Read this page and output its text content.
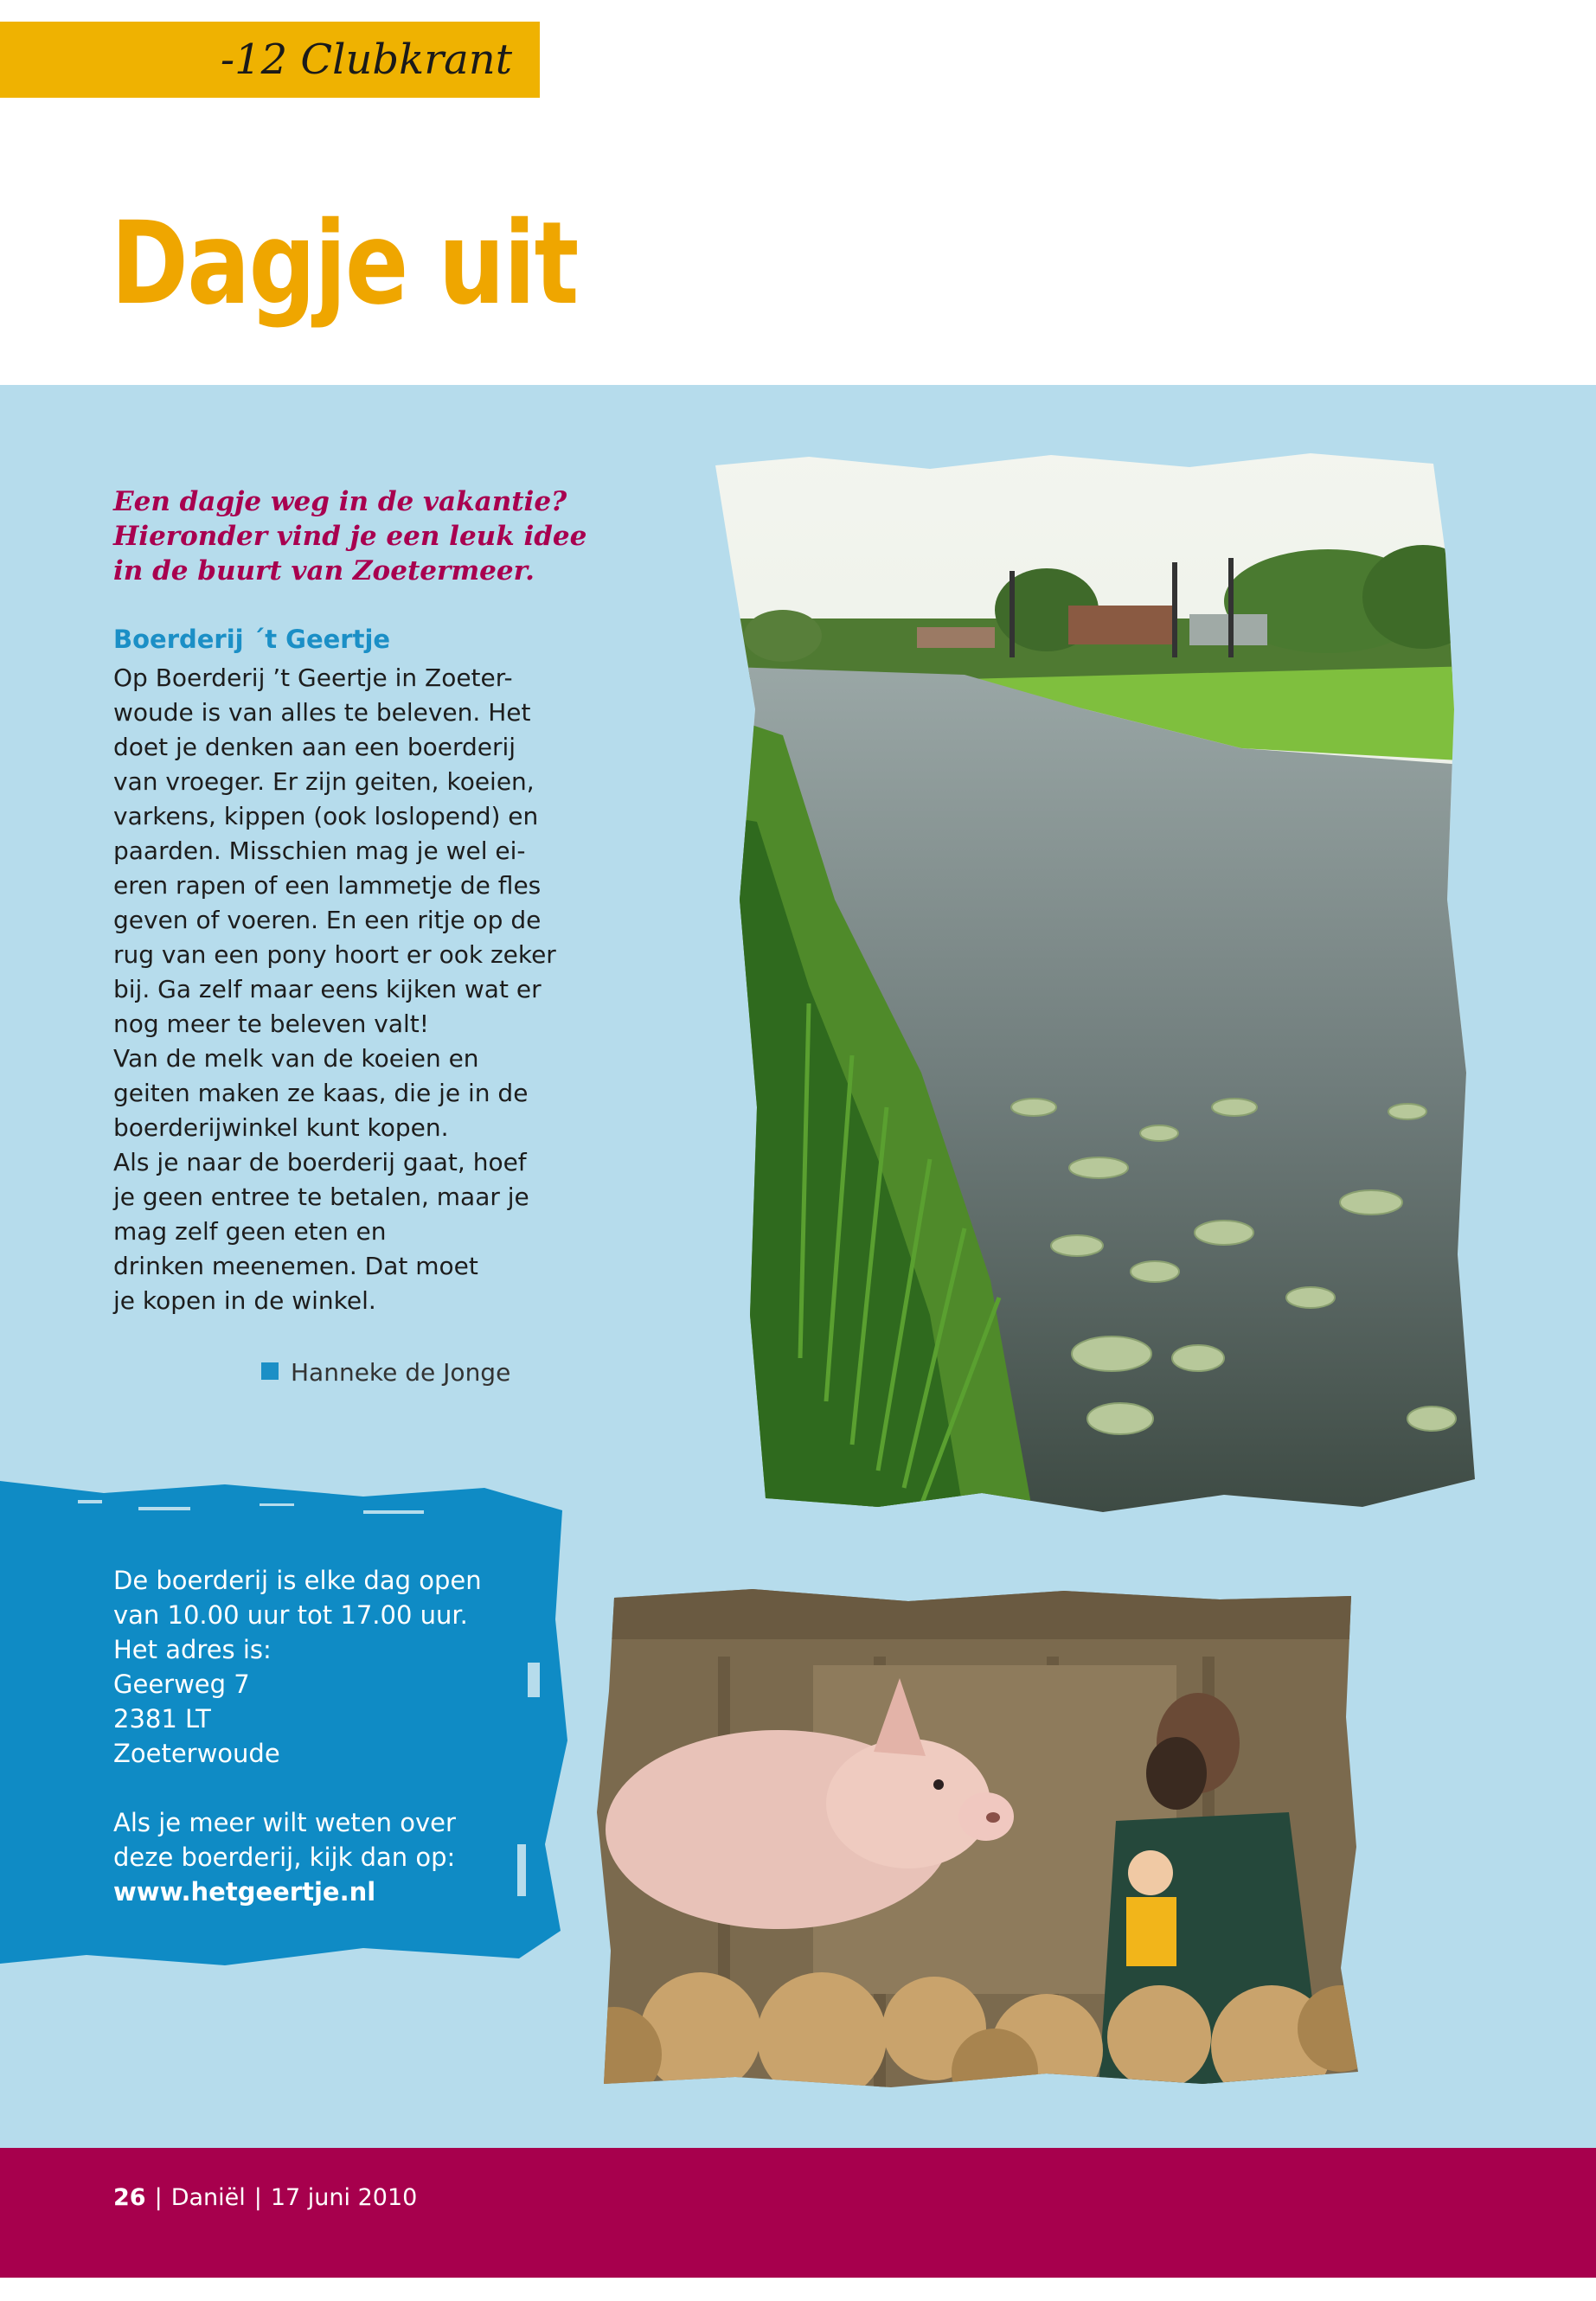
-12 Clubkrant
Dagje uit

Een dagje weg in de vakantie? Hieronder vind je een leuk idee in de buurt van Zoetermeer.

Boerderij ´t Geertje

Op Boerderij ’t Geertje in Zoeter-
woude is van alles te beleven. Het
doet je denken aan een boerderij
van vroeger. Er zijn geiten, koeien,
varkens, kippen (ook loslopend) en
paarden. Misschien mag je wel ei-
eren rapen of een lammetje de fles
geven of voeren. En een ritje op de
rug van een pony hoort er ook zeker
bij. Ga zelf maar eens kijken wat er
nog meer te beleven valt!
Van de melk van de koeien en
geiten maken ze kaas, die je in de
boerderijwinkel kunt kopen.
Als je naar de boerderij gaat, hoef
je geen entree te betalen, maar je
mag zelf geen eten en
drinken meenemen. Dat moet
je kopen in de winkel.

Hanneke de Jonge

De boerderij is elke dag open

van 10.00 uur tot 17.00 uur.

Het adres is:

Geerweg 7

2381 LT

Zoeterwoude

Als je meer wilt weten over

deze boerderij, kijk dan op:

www.hetgeertje.nl

26 | Daniël | 17 juni 2010
